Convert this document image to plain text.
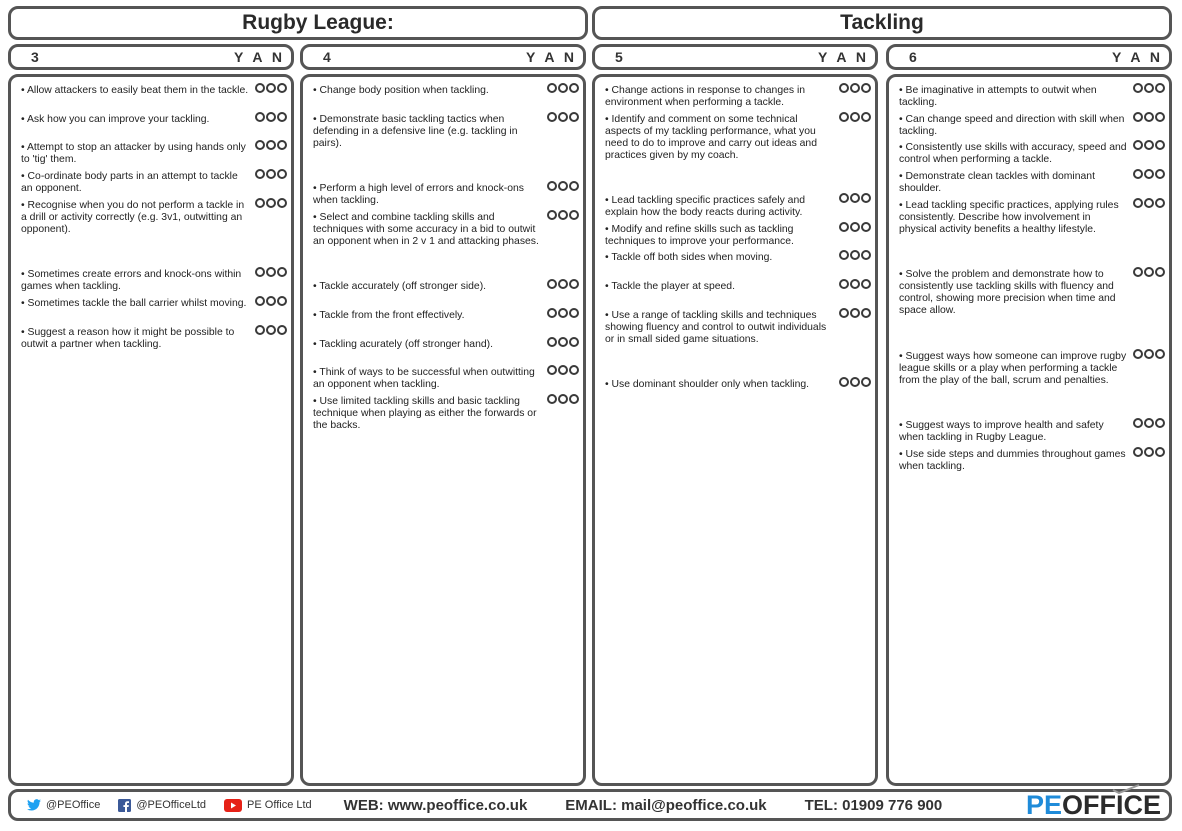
Rugby League:	Tackling
3	Y A N	4	Y A N	5	Y A N	6	Y A N
• Allow attackers to easily beat them in the tackle.
• Ask how you can improve your tackling.
• Attempt to stop an attacker by using hands only to 'tig' them.
• Co-ordinate body parts in an attempt to tackle an opponent.
• Recognise when you do not perform a tackle in a drill or activity correctly (e.g. 3v1, outwitting an opponent).
• Sometimes create errors and knock-ons within games when tackling.
• Sometimes tackle the ball carrier whilst moving.
• Suggest a reason how it might be possible to outwit a partner when tackling.
• Change body position when tackling.
• Demonstrate basic tackling tactics when defending in a defensive line (e.g. tackling in pairs).
• Perform a high level of errors and knock-ons when tackling.
• Select and combine tackling skills and techniques with some accuracy in a bid to outwit an opponent when in 2 v 1 and attacking phases.
• Tackle accurately (off stronger side).
• Tackle from the front effectively.
• Tackling acurately (off stronger hand).
• Think of ways to be successful when outwitting an opponent when tackling.
• Use limited tackling skills and basic tackling technique when playing as either the forwards or the backs.
• Change actions in response to changes in environment when performing a tackle.
• Identify and comment on some technical aspects of my tackling performance, what you need to do to improve and carry out ideas and practices given by my coach.
• Lead tackling specific practices safely and explain how the body reacts during activity.
• Modify and refine skills such as tackling techniques to improve your performance.
• Tackle off both sides when moving.
• Tackle the player at speed.
• Use a range of tackling skills and techniques showing fluency and control to outwit individuals or in small sided game situations.
• Use dominant shoulder only when tackling.
• Be imaginative in attempts to outwit when tackling.
• Can change speed and direction with skill when tackling.
• Consistently use skills with accuracy, speed and control when performing a tackle.
• Demonstrate clean tackles with dominant shoulder.
• Lead tackling specific practices, applying rules consistently. Describe how involvement in physical activity benefits a healthy lifestyle.
• Solve the problem and demonstrate how to consistently use tackling skills with fluency and control, showing more precision when time and space allow.
• Suggest ways how someone can improve rugby league skills or a play when performing a tackle from the play of the ball, scrum and penalties.
• Suggest ways to improve health and safety when tackling in Rugby League.
• Use side steps and dummies throughout games when tackling.
@PEOffice	@PEOfficeLtd	PE Office Ltd WEB: www.peoffice.co.uk	EMAIL: mail@peoffice.co.uk	TEL: 01909 776 900	PE OFFICE
